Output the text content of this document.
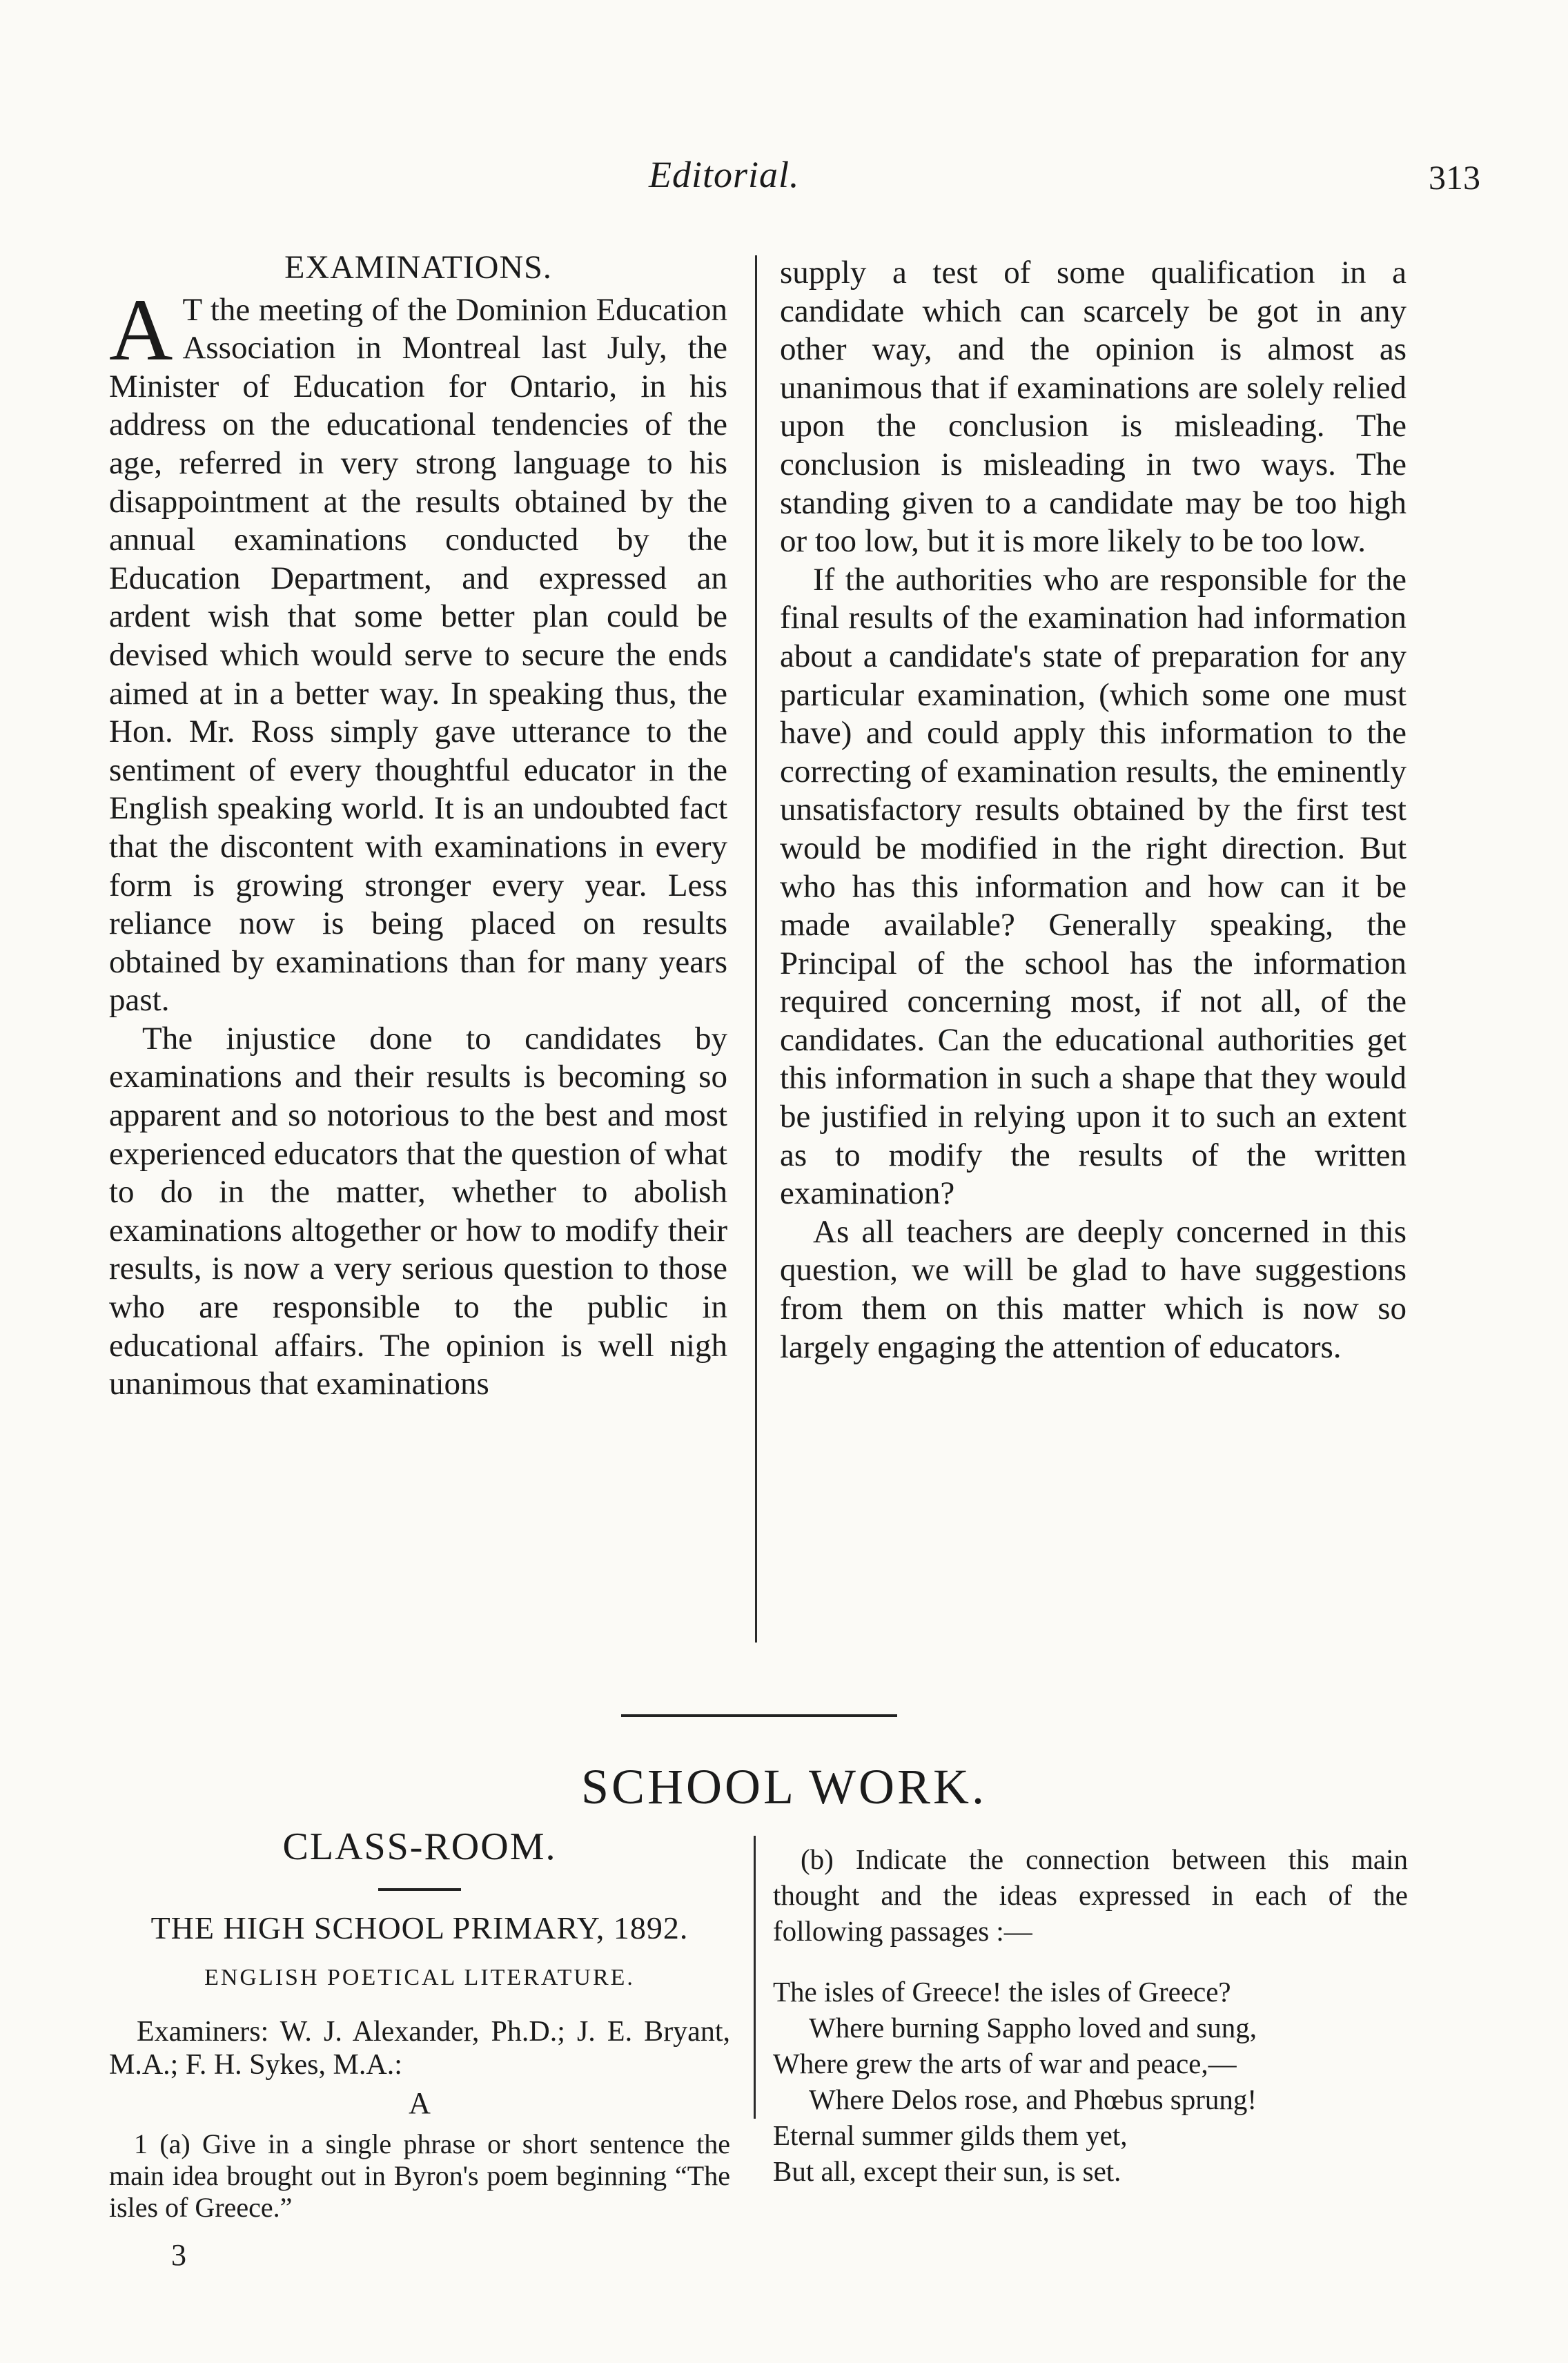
Editorial.	313

EXAMINATIONS.

A T the meeting of the Dominion Education Association in Montreal last July, the Minister of Education for Ontario, in his address on the educational tendencies of the age, referred in very strong language to his disappointment at the results obtained by the annual examinations conducted by the Education Department, and expressed an ardent wish that some better plan could be devised which would serve to secure the ends aimed at in a better way. In speaking thus, the Hon. Mr. Ross simply gave utterance to the sentiment of every thoughtful educator in the English speaking world. It is an undoubted fact that the discontent with examinations in every form is growing stronger every year. Less reliance now is being placed on results obtained by examinations than for many years past.

The injustice done to candidates by examinations and their results is becoming so apparent and so notorious to the best and most experienced educators that the question of what to do in the matter, whether to abolish examinations altogether or how to modify their results, is now a very serious question to those who are responsible to the public in educational affairs. The opinion is well nigh unanimous that examinations

supply a test of some qualification in a candidate which can scarcely be got in any other way, and the opinion is almost as unanimous that if examinations are solely relied upon the conclusion is misleading. The conclusion is misleading in two ways. The standing given to a candidate may be too high or too low, but it is more likely to be too low.

If the authorities who are responsible for the final results of the examination had information about a candidate's state of preparation for any particular examination, (which some one must have) and could apply this information to the correcting of examination results, the eminently unsatisfactory results obtained by the first test would be modified in the right direction. But who has this information and how can it be made available? Generally speaking, the Principal of the school has the information required concerning most, if not all, of the candidates. Can the educational authorities get this information in such a shape that they would be justified in relying upon it to such an extent as to modify the results of the written examination?

As all teachers are deeply concerned in this question, we will be glad to have suggestions from them on this matter which is now so largely engaging the attention of educators.

SCHOOL WORK.

CLASS-ROOM.

THE HIGH SCHOOL PRIMARY, 1892.

ENGLISH POETICAL LITERATURE.

Examiners: W. J. Alexander, Ph.D.; J. E. Bryant, M.A.; F. H. Sykes, M.A.:

A

1 (a) Give in a single phrase or short sentence the main idea brought out in Byron's poem beginning “The isles of Greece.”

3

(b) Indicate the connection between this main thought and the ideas expressed in each of the following passages :—

The isles of Greece! the isles of Greece?

Where burning Sappho loved and sung,

Where grew the arts of war and peace,—

Where Delos rose, and Phœbus sprung!

Eternal summer gilds them yet,

But all, except their sun, is set.
